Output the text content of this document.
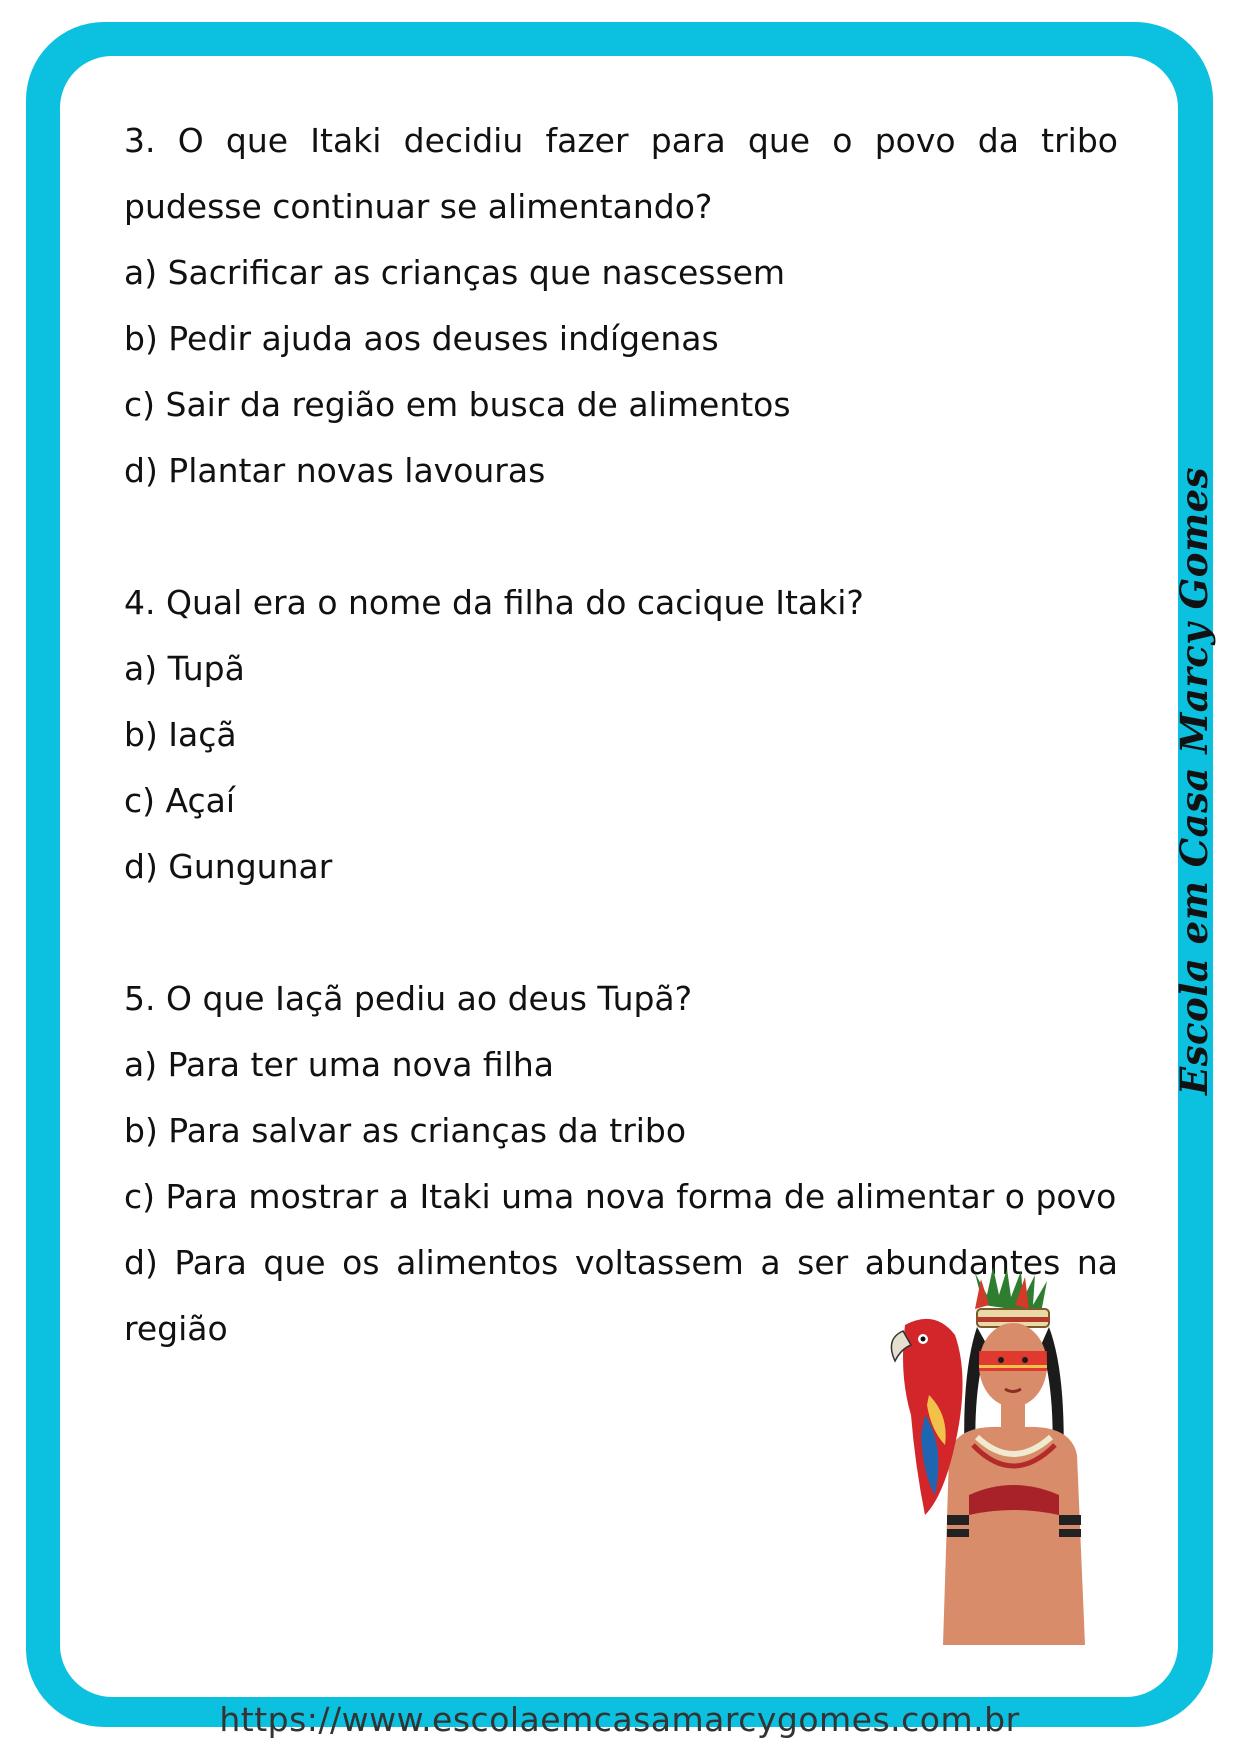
3. O que Itaki decidiu fazer para que o povo da tribo
pudesse continuar se alimentando?
a) Sacrificar as crianças que nascessem
b) Pedir ajuda aos deuses indígenas
c) Sair da região em busca de alimentos
d) Plantar novas lavouras
4. Qual era o nome da filha do cacique Itaki?
a) Tupã
b) Iaçã
c) Açaí
d) Gungunar
5. O que Iaçã pediu ao deus Tupã?
a) Para ter uma nova filha
b) Para salvar as crianças da tribo
c) Para mostrar a Itaki uma nova forma de alimentar o povo
d) Para que os alimentos voltassem a ser abundantes na
região
Escola em Casa Marcy Gomes
https://www.escolaemcasamarcygomes.com.br
